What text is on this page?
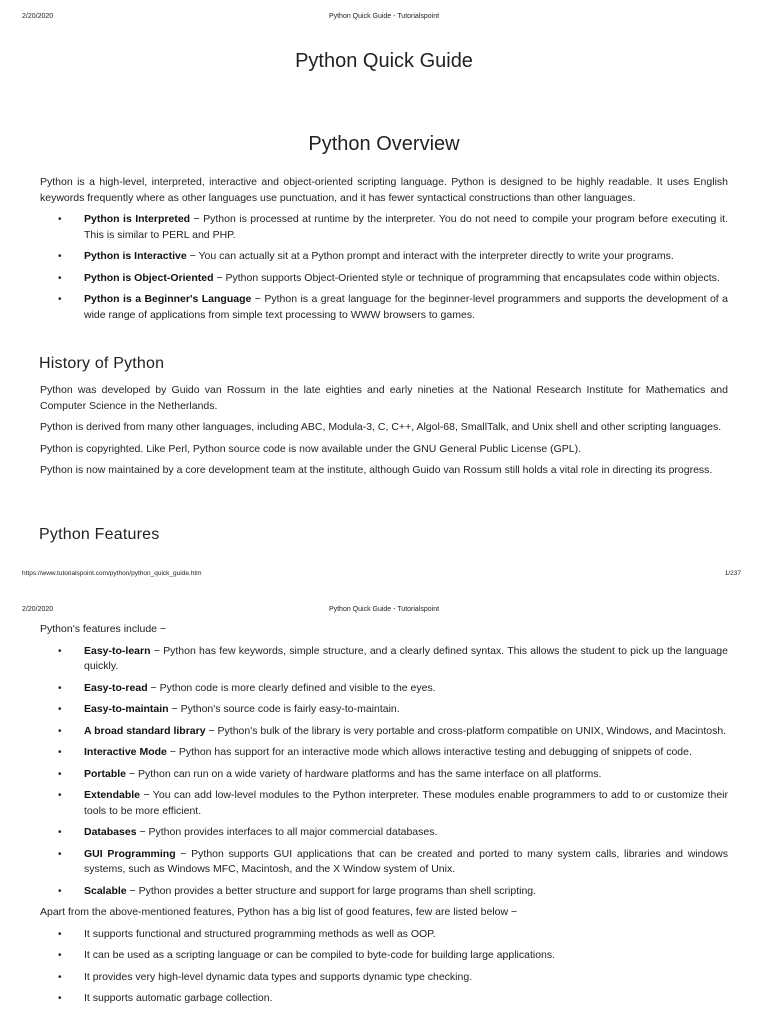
2/20/2020	Python Quick Guide - Tutorialspoint
Python Quick Guide
Python Overview

Python is a high-level, interpreted, interactive and object-oriented scripting language. Python is designed to be highly readable. It uses English keywords frequently where as other languages use punctuation, and it has fewer syntactical constructions than other languages.

• Python is Interpreted − Python is processed at runtime by the interpreter. You do not need to compile your program before executing it. This is similar to PERL and PHP.
• Python is Interactive − You can actually sit at a Python prompt and interact with the interpreter directly to write your programs.
• Python is Object-Oriented − Python supports Object-Oriented style or technique of programming that encapsulates code within objects.
• Python is a Beginner's Language − Python is a great language for the beginner-level programmers and supports the development of a wide range of applications from simple text processing to WWW browsers to games.
History of Python

Python was developed by Guido van Rossum in the late eighties and early nineties at the National Research Institute for Mathematics and Computer Science in the Netherlands.

Python is derived from many other languages, including ABC, Modula-3, C, C++, Algol-68, SmallTalk, and Unix shell and other scripting languages.

Python is copyrighted. Like Perl, Python source code is now available under the GNU General Public License (GPL).

Python is now maintained by a core development team at the institute, although Guido van Rossum still holds a vital role in directing its progress.

Python Features
https://www.tutorialspoint.com/python/python_quick_guide.htm	1/237
2/20/2020	Python Quick Guide - Tutorialspoint

Python's features include −

• Easy-to-learn − Python has few keywords, simple structure, and a clearly defined syntax. This allows the student to pick up the language quickly.
• Easy-to-read − Python code is more clearly defined and visible to the eyes.
• Easy-to-maintain − Python's source code is fairly easy-to-maintain.
• A broad standard library − Python's bulk of the library is very portable and cross-platform compatible on UNIX, Windows, and Macintosh.
• Interactive Mode − Python has support for an interactive mode which allows interactive testing and debugging of snippets of code.
• Portable − Python can run on a wide variety of hardware platforms and has the same interface on all platforms.
• Extendable − You can add low-level modules to the Python interpreter. These modules enable programmers to add to or customize their tools to be more efficient.
• Databases − Python provides interfaces to all major commercial databases.
• GUI Programming − Python supports GUI applications that can be created and ported to many system calls, libraries and windows systems, such as Windows MFC, Macintosh, and the X Window system of Unix.
• Scalable − Python provides a better structure and support for large programs than shell scripting.

Apart from the above-mentioned features, Python has a big list of good features, few are listed below −

• It supports functional and structured programming methods as well as OOP.
• It can be used as a scripting language or can be compiled to byte-code for building large applications.
• It provides very high-level dynamic data types and supports dynamic type checking.
• It supports automatic garbage collection.
